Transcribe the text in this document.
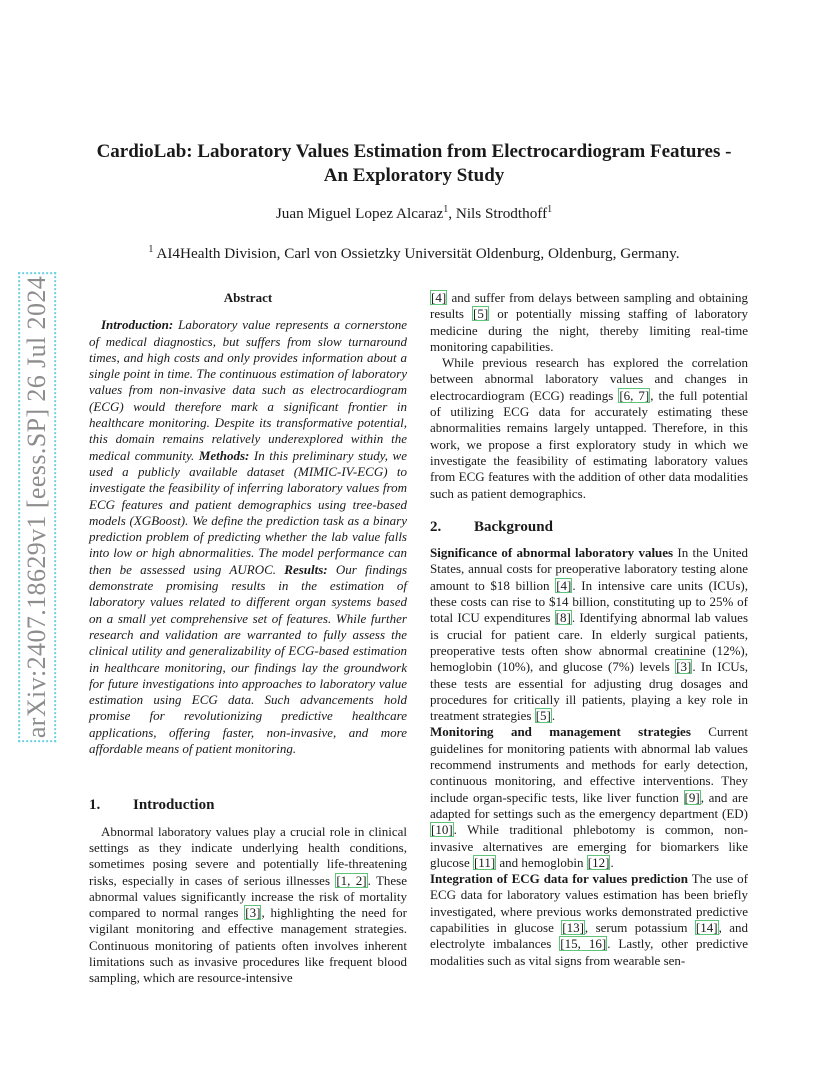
arXiv:2407.18629v1 [eess.SP] 26 Jul 2024
CardioLab: Laboratory Values Estimation from Electrocardiogram Features -
An Exploratory Study
Juan Miguel Lopez Alcaraz$^1$, Nils Strodthoff$^1$
$^1$ AI4Health Division, Carl von Ossietzky Universität Oldenburg, Oldenburg, Germany.
Abstract

Introduction: Laboratory value represents a cornerstone of medical diagnostics, but suffers from slow turnaround times, and high costs and only provides information about a single point in time. The continuous estimation of laboratory values from non-invasive data such as electrocardiogram (ECG) would therefore mark a significant frontier in healthcare monitoring. Despite its transformative potential, this domain remains relatively underexplored within the medical community. Methods: In this preliminary study, we used a publicly available dataset (MIMIC-IV-ECG) to investigate the feasibility of inferring laboratory values from ECG features and patient demographics using tree-based models (XGBoost). We define the prediction task as a binary prediction problem of predicting whether the lab value falls into low or high abnormalities. The model performance can then be assessed using AUROC. Results: Our findings demonstrate promising results in the estimation of laboratory values related to different organ systems based on a small yet comprehensive set of features. While further research and validation are warranted to fully assess the clinical utility and generalizability of ECG-based estimation in healthcare monitoring, our findings lay the groundwork for future investigations into approaches to laboratory value estimation using ECG data. Such advancements hold promise for revolutionizing predictive healthcare applications, offering faster, non-invasive, and more affordable means of patient monitoring.

1.	Introduction

Abnormal laboratory values play a crucial role in clinical settings as they indicate underlying health conditions, sometimes posing severe and potentially life-threatening risks, especially in cases of serious illnesses [1, 2]. These abnormal values significantly increase the risk of mortality compared to normal ranges [3], highlighting the need for vigilant monitoring and effective management strategies. Continuous monitoring of patients often involves inherent limitations such as invasive procedures like frequent blood sampling, which are resource-intensive

[4] and suffer from delays between sampling and obtaining results [5] or potentially missing staffing of laboratory medicine during the night, thereby limiting real-time monitoring capabilities.

While previous research has explored the correlation between abnormal laboratory values and changes in electrocardiogram (ECG) readings [6, 7], the full potential of utilizing ECG data for accurately estimating these abnormalities remains largely untapped. Therefore, in this work, we propose a first exploratory study in which we investigate the feasibility of estimating laboratory values from ECG features with the addition of other data modalities such as patient demographics.

2.	Background

Significance of abnormal laboratory values In the United States, annual costs for preoperative laboratory testing alone amount to $18 billion [4]. In intensive care units (ICUs), these costs can rise to $14 billion, constituting up to 25% of total ICU expenditures [8]. Identifying abnormal lab values is crucial for patient care. In elderly surgical patients, preoperative tests often show abnormal creatinine (12%), hemoglobin (10%), and glucose (7%) levels [3]. In ICUs, these tests are essential for adjusting drug dosages and procedures for critically ill patients, playing a key role in treatment strategies [5].

Monitoring and management strategies Current guidelines for monitoring patients with abnormal lab values recommend instruments and methods for early detection, continuous monitoring, and effective interventions. They include organ-specific tests, like liver function [9], and are adapted for settings such as the emergency department (ED) [10]. While traditional phlebotomy is common, non-invasive alternatives are emerging for biomarkers like glucose [11] and hemoglobin [12].

Integration of ECG data for values prediction The use of ECG data for laboratory values estimation has been briefly investigated, where previous works demonstrated predictive capabilities in glucose [13], serum potassium [14], and electrolyte imbalances [15, 16]. Lastly, other predictive modalities such as vital signs from wearable sen-
